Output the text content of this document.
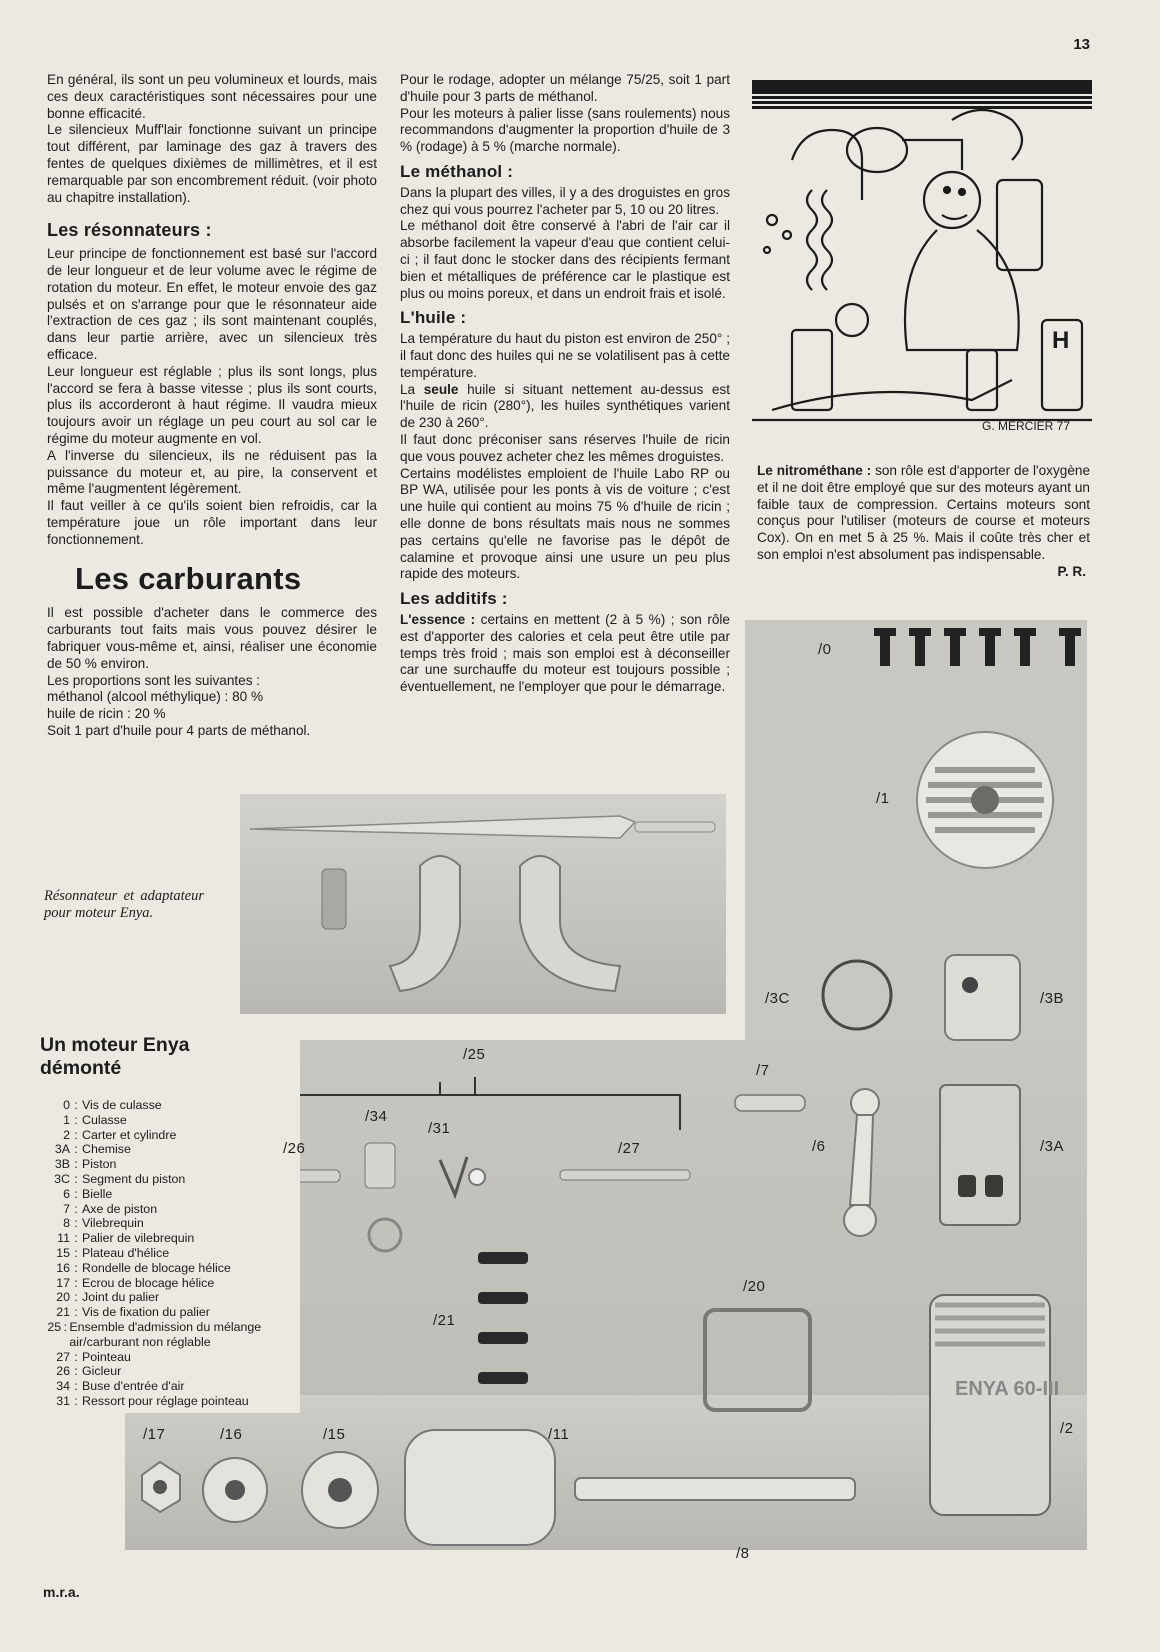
13

En général, ils sont un peu volumineux et lourds, mais ces deux caractéristiques sont nécessaires pour une bonne efficacité.

Le silencieux Muff'lair fonctionne suivant un principe tout différent, par laminage des gaz à travers des fentes de quelques dixièmes de millimètres, et il est remarquable par son encombrement réduit. (voir photo au chapitre installation).

Les résonnateurs :

Leur principe de fonctionnement est basé sur l'accord de leur longueur et de leur volume avec le régime de rotation du moteur. En effet, le moteur envoie des gaz pulsés et on s'arrange pour que le résonnateur aide l'extraction de ces gaz ; ils sont maintenant couplés, dans leur partie arrière, avec un silencieux très efficace.

Leur longueur est réglable ; plus ils sont longs, plus l'accord se fera à basse vitesse ; plus ils sont courts, plus ils accorderont à haut régime. Il vaudra mieux toujours avoir un réglage un peu court au sol car le régime du moteur augmente en vol.

A l'inverse du silencieux, ils ne réduisent pas la puissance du moteur et, au pire, la conservent et même l'augmentent légèrement.

Il faut veiller à ce qu'ils soient bien refroidis, car la température joue un rôle important dans leur fonctionnement.

Les carburants

Il est possible d'acheter dans le commerce des carburants tout faits mais vous pouvez désirer le fabriquer vous-même et, ainsi, réaliser une économie de 50 % environ.

Les proportions sont les suivantes :

méthanol (alcool méthylique) : 80 %

huile de ricin : 20 %

Soit 1 part d'huile pour 4 parts de méthanol.

Pour le rodage, adopter un mélange 75/25, soit 1 part d'huile pour 3 parts de méthanol.

Pour les moteurs à palier lisse (sans roulements) nous recommandons d'augmenter la proportion d'huile de 3 % (rodage) à 5 % (marche normale).

Le méthanol :

Dans la plupart des villes, il y a des droguistes en gros chez qui vous pourrez l'acheter par 5, 10 ou 20 litres.

Le méthanol doit être conservé à l'abri de l'air car il absorbe facilement la vapeur d'eau que contient celui-ci ; il faut donc le stocker dans des récipients fermant bien et métalliques de préférence car le plastique est plus ou moins poreux, et dans un endroit frais et isolé.

L'huile :

La température du haut du piston est environ de 250° ; il faut donc des huiles qui ne se volatilisent pas à cette température.

La seule huile si situant nettement au-dessus est l'huile de ricin (280°), les huiles synthétiques varient de 230 à 260°.

Il faut donc préconiser sans réserves l'huile de ricin que vous pouvez acheter chez les mêmes droguistes.

Certains modélistes emploient de l'huile Labo RP ou BP WA, utilisée pour les ponts à vis de voiture ; c'est une huile qui contient au moins 75 % d'huile de ricin ; elle donne de bons résultats mais nous ne sommes pas certains qu'elle ne favorise pas le dépôt de calamine et provoque ainsi une usure un peu plus rapide des moteurs.

Les additifs :

L'essence : certains en mettent (2 à 5 %) ; son rôle est d'apporter des calories et cela peut être utile par temps très froid ; mais son emploi est à déconseiller car une surchauffe du moteur est toujours possible ; éventuellement, ne l'employer que pour le démarrage.

H
G. MERCIER 77

Le nitrométhane : son rôle est d'apporter de l'oxygène et il ne doit être employé que sur des moteurs ayant un faible taux de compression. Certains moteurs sont conçus pour l'utiliser (moteurs de course et moteurs Cox). On en met 5 à 25 %. Mais il coûte très cher et son emploi n'est absolument pas indispensable.

P. R.

ENYA 60-III
Résonnateur et adaptateur pour moteur Enya.
Un moteur Enya
démonté
0 : Vis de culasse
1 : Culasse
2 : Carter et cylindre
3A : Chemise
3B : Piston
3C : Segment du piston
6 : Bielle
7 : Axe de piston
8 : Vilebrequin
11 : Palier de vilebrequin
15 : Plateau d'hélice
16 : Rondelle de blocage hélice
17 : Ecrou de blocage hélice
20 : Joint du palier
21 : Vis de fixation du palier
25 : Ensemble d'admission du mélange air/carburant non réglable
27 : Pointeau
26 : Gicleur
34 : Buse d'entrée d'air
31 : Ressort pour réglage pointeau
/0
/1
/3C	/3B
/7
/25
/34
/31
/26	/27	/6	/3A
/20
/21
/17	/16	/15	/11	/2
/8
m.r.a.
